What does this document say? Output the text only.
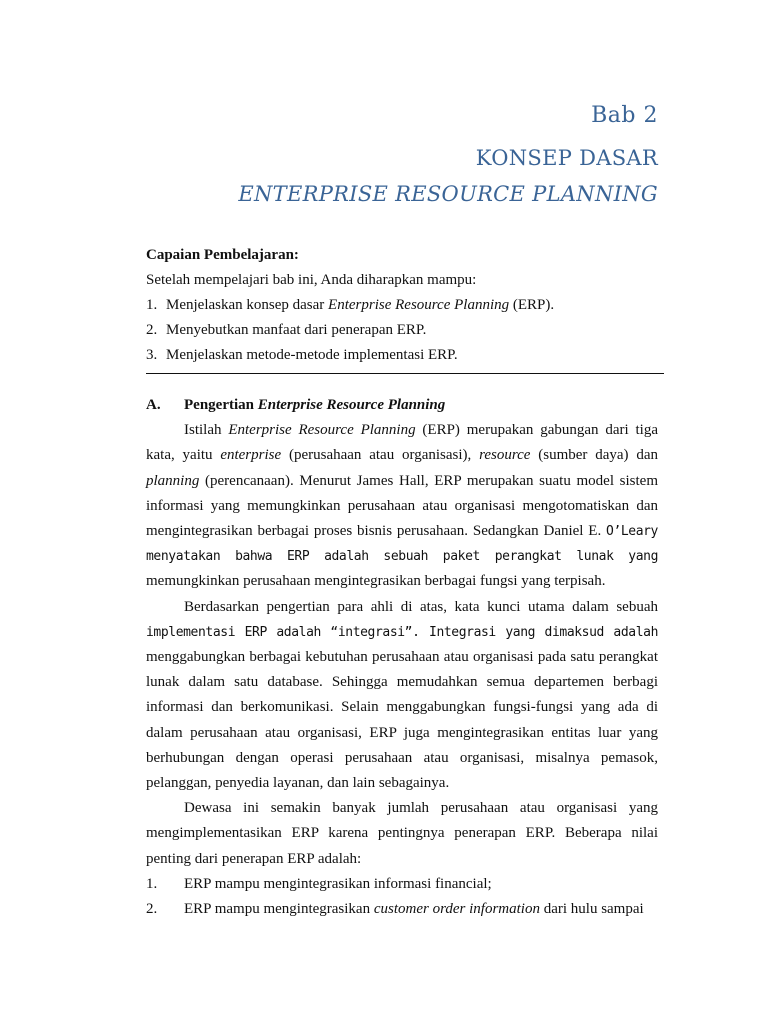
Bab 2
KONSEP DASAR
ENTERPRISE RESOURCE PLANNING
Capaian Pembelajaran:
Setelah mempelajari bab ini, Anda diharapkan mampu:
1. Menjelaskan konsep dasar Enterprise Resource Planning (ERP).
2. Menyebutkan manfaat dari penerapan ERP.
3. Menjelaskan metode-metode implementasi ERP.
A.	Pengertian Enterprise Resource Planning

Istilah Enterprise Resource Planning (ERP) merupakan gabungan dari tiga kata, yaitu enterprise (perusahaan atau organisasi), resource (sumber daya) dan planning (perencanaan). Menurut James Hall, ERP merupakan suatu model sistem informasi yang memungkinkan perusahaan atau organisasi mengotomatiskan dan mengintegrasikan berbagai proses bisnis perusahaan. Sedangkan Daniel E. O’Leary menyatakan bahwa ERP adalah sebuah paket perangkat lunak yang memungkinkan perusahaan mengintegrasikan berbagai fungsi yang terpisah.

Berdasarkan pengertian para ahli di atas, kata kunci utama dalam sebuah implementasi ERP adalah “integrasi”. Integrasi yang dimaksud adalah menggabungkan berbagai kebutuhan perusahaan atau organisasi pada satu perangkat lunak dalam satu database. Sehingga memudahkan semua departemen berbagi informasi dan berkomunikasi. Selain menggabungkan fungsi-fungsi yang ada di dalam perusahaan atau organisasi, ERP juga mengintegrasikan entitas luar yang berhubungan dengan operasi perusahaan atau organisasi, misalnya pemasok, pelanggan, penyedia layanan, dan lain sebagainya.

Dewasa ini semakin banyak jumlah perusahaan atau organisasi yang mengimplementasikan ERP karena pentingnya penerapan ERP. Beberapa nilai penting dari penerapan ERP adalah:

1.	ERP mampu mengintegrasikan informasi financial;
2.	ERP mampu mengintegrasikan customer order information dari hulu sampai
